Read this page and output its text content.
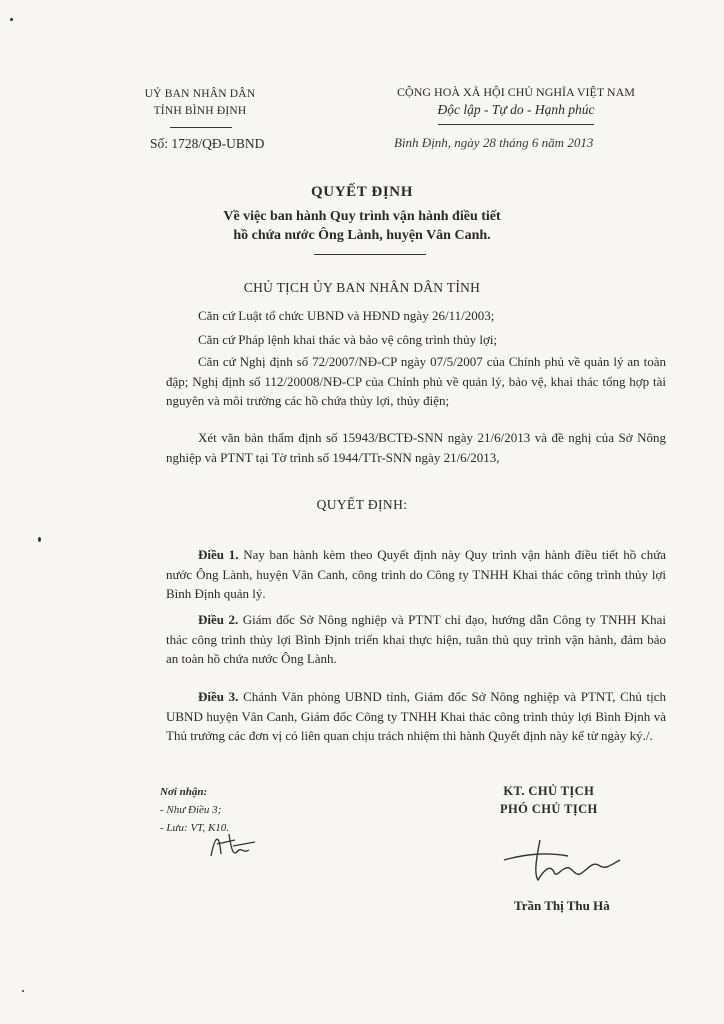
UỶ BAN NHÂN DÂN
TỈNH BÌNH ĐỊNH
CỘNG HOÀ XÃ HỘI CHỦ NGHĨA VIỆT NAM
Độc lập - Tự do - Hạnh phúc
Số: 1728/QĐ-UBND	Bình Định, ngày 28 tháng 6 năm 2013
QUYẾT ĐỊNH
Về việc ban hành Quy trình vận hành điều tiết
hồ chứa nước Ông Lành, huyện Vân Canh.
CHỦ TỊCH ỦY BAN NHÂN DÂN TỈNH
Căn cứ Luật tổ chức UBND và HĐND ngày 26/11/2003;
Căn cứ Pháp lệnh khai thác và bảo vệ công trình thủy lợi;
Căn cứ Nghị định số 72/2007/NĐ-CP ngày 07/5/2007 của Chính phủ về quản lý an toàn đập; Nghị định số 112/20008/NĐ-CP của Chính phủ về quản lý, bảo vệ, khai thác tổng hợp tài nguyên và môi trường các hồ chứa thủy lợi, thủy điện;
Xét văn bản thẩm định số 15943/BCTĐ-SNN ngày 21/6/2013 và đề nghị của Sở Nông nghiệp và PTNT tại Tờ trình số 1944/TTr-SNN ngày 21/6/2013,
QUYẾT ĐỊNH:
Điều 1. Nay ban hành kèm theo Quyết định này Quy trình vận hành điều tiết hồ chứa nước Ông Lành, huyện Vân Canh, công trình do Công ty TNHH Khai thác công trình thủy lợi Bình Định quản lý.
Điều 2. Giám đốc Sở Nông nghiệp và PTNT chỉ đạo, hướng dẫn Công ty TNHH Khai thác công trình thủy lợi Bình Định triển khai thực hiện, tuân thủ quy trình vận hành, đảm bảo an toàn hồ chứa nước Ông Lành.
Điều 3. Chánh Văn phòng UBND tỉnh, Giám đốc Sở Nông nghiệp và PTNT, Chủ tịch UBND huyện Vân Canh, Giám đốc Công ty TNHH Khai thác công trình thủy lợi Bình Định và Thủ trưởng các đơn vị có liên quan chịu trách nhiệm thi hành Quyết định này kể từ ngày ký./.
Nơi nhận:
- Như Điều 3;
- Lưu: VT, K10.
KT. CHỦ TỊCH
PHÓ CHỦ TỊCH
Trần Thị Thu Hà
